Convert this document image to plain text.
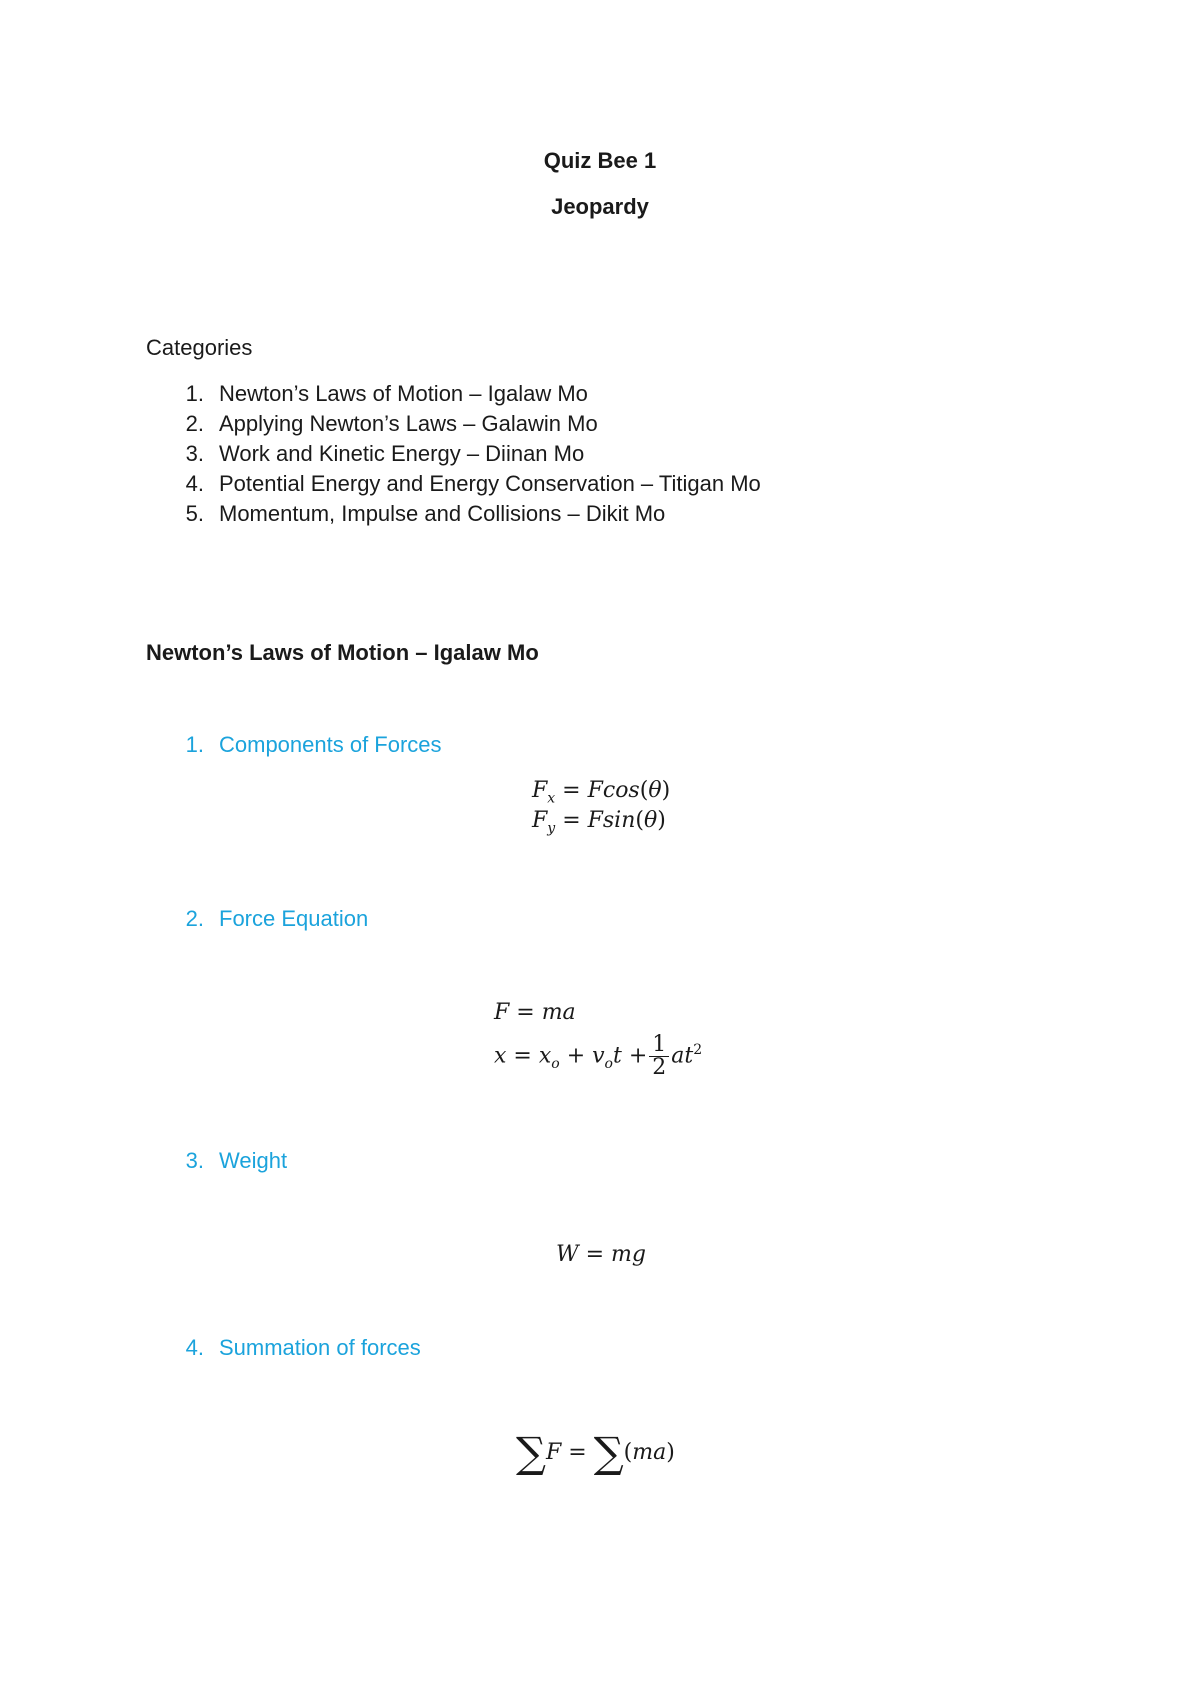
Quiz Bee 1
Jeopardy
Categories
1. Newton’s Laws of Motion – Igalaw Mo
2. Applying Newton’s Laws – Galawin Mo
3. Work and Kinetic Energy – Diinan Mo
4. Potential Energy and Energy Conservation – Titigan Mo
5. Momentum, Impulse and Collisions – Dikit Mo
Newton’s Laws of Motion – Igalaw Mo
1. Components of Forces
$F_x = Fcos(\theta)$
$F_y = Fsin(\theta)$
2. Force Equation
F = ma
$x = x_o + v_ot + \frac{1}{2} at^2$
3. Weight
W = mg
4. Summation of forces
∑F = ∑(ma)
